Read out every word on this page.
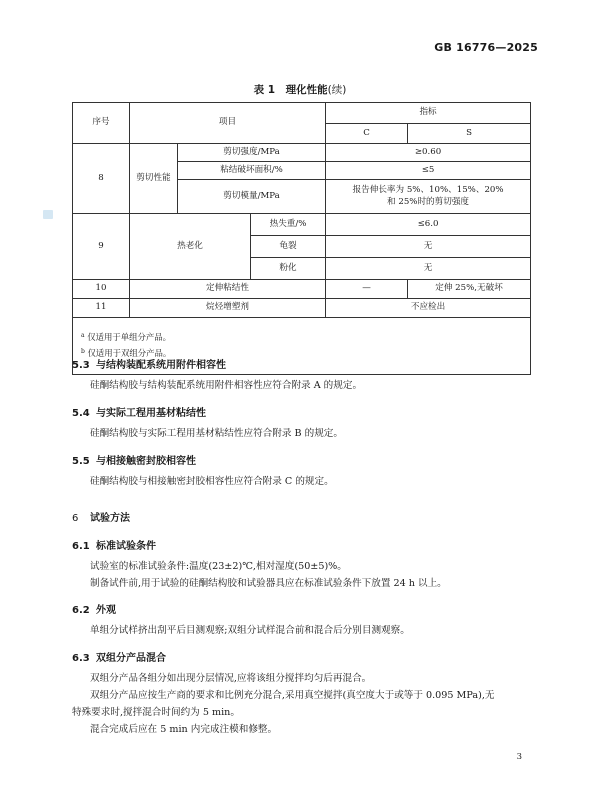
GB 16776—2025
表 1　理化性能(续)
序号	项目			指标	
				C	S
8	剪切性能	剪切强度/MPa		≥0.60	
		粘结破坏面积/%		≤5	
		剪切模量/MPa		报告伸长率为 5%、10%、15%、20%
和 25%时的剪切强度	

9	热老化		热失重/%	≤6.0	
			龟裂	无	
			粉化	无	
10	定伸粘结性			—	定伸 25%,无破坏
11	烷烃增塑剂			不应检出	

$^a$ 仅适用于单组分产品。
$^b$ 仅适用于双组分产品。					
5.3 与结构装配系统用附件相容性
硅酮结构胶与结构装配系统用附件相容性应符合附录 A 的规定。
5.4 与实际工程用基材粘结性
硅酮结构胶与实际工程用基材粘结性应符合附录 B 的规定。
5.5 与相接触密封胶相容性
硅酮结构胶与相接触密封胶相容性应符合附录 C 的规定。
6 试验方法
6.1 标准试验条件
试验室的标准试验条件:温度(23±2)℃,相对湿度(50±5)%。
制备试件前,用于试验的硅酮结构胶和试验器具应在标准试验条件下放置 24 h 以上。
6.2 外观
单组分试样挤出刮平后目测观察;双组分试样混合前和混合后分别目测观察。
6.3 双组分产品混合
双组分产品各组分如出现分层情况,应将该组分搅拌均匀后再混合。
双组分产品应按生产商的要求和比例充分混合,采用真空搅拌(真空度大于或等于 0.095 MPa),无
特殊要求时,搅拌混合时间约为 5 min。
混合完成后应在 5 min 内完成注模和修整。
3
